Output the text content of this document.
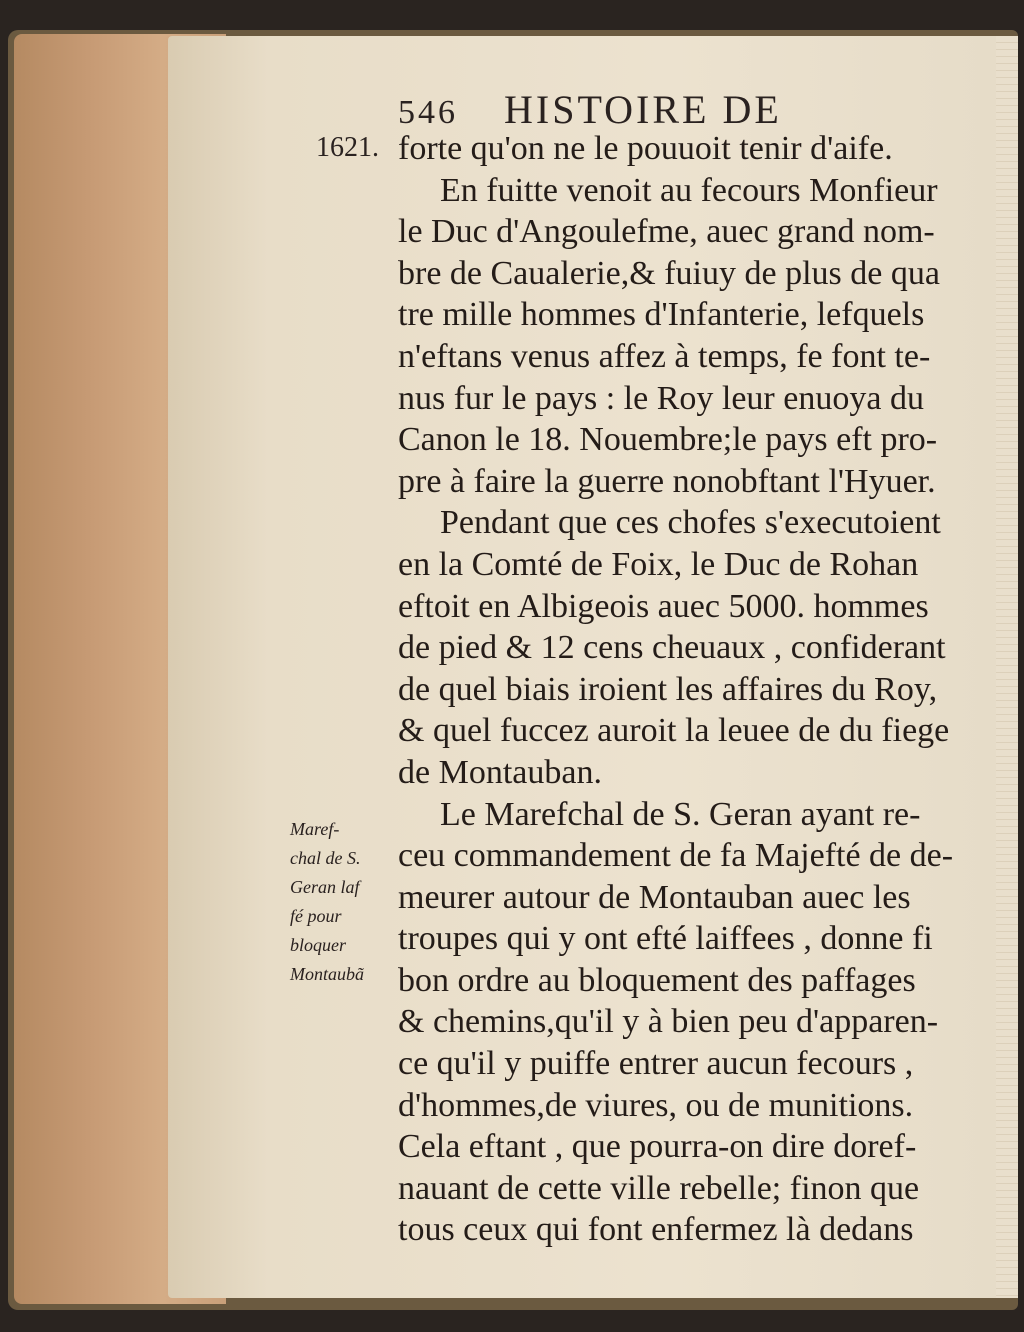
546 HISTOIRE DE
1621. forte qu'on ne le pouuoit tenir d'aife.
En fuitte venoit au fecours Monfieur
le Duc d'Angoulefme, auec grand nom-
bre de Caualerie,& fuiuy de plus de qua
tre mille hommes d'Infanterie, lefquels
n'eftans venus affez à temps, fe font te-
nus fur le pays : le Roy leur enuoya du
Canon le 18. Nouembre;le pays eft pro-
pre à faire la guerre nonobftant l'Hyuer.
Pendant que ces chofes s'executoient
en la Comté de Foix, le Duc de Rohan
eftoit en Albigeois auec 5000. hommes
de pied & 12 cens cheuaux , confiderant
de quel biais iroient les affaires du Roy,
& quel fuccez auroit la leuee de du fiege
de Montauban.
Le Marefchal de S. Geran ayant re-
ceu commandement de fa Majefté de de-
meurer autour de Montauban auec les
troupes qui y ont efté laiffees , donne fi
bon ordre au bloquement des paffages
& chemins,qu'il y à bien peu d'apparen-
ce qu'il y puiffe entrer aucun fecours ,
d'hommes,de viures, ou de munitions.
Cela eftant , que pourra-on dire doref-
nauant de cette ville rebelle; finon que
tous ceux qui font enfermez là dedans
Maref-
chal de S.
Geran laf
fé pour
bloquer
Montaubã
